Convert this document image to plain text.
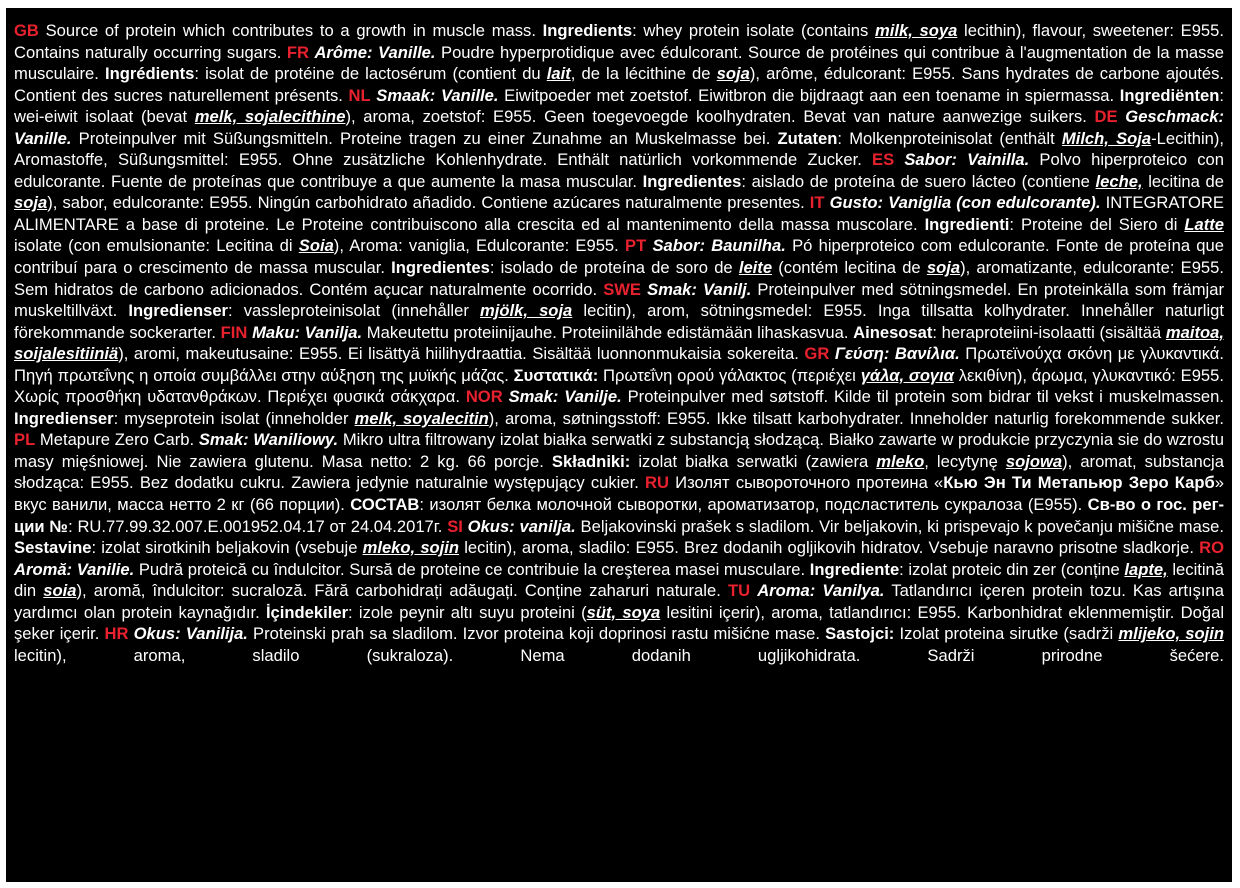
GB Source of protein which contributes to a growth in muscle mass. Ingredients: whey protein isolate (contains milk, soya lecithin), flavour, sweetener: E955. Contains naturally occurring sugars. FR Arôme: Vanille. Poudre hyperprotidique avec édulcorant. Source de protéines qui contribue à l'augmentation de la masse musculaire. Ingrédients: isolat de protéine de lactosérum (contient du lait, de la lécithine de soja), arôme, édulcorant: E955. Sans hydrates de carbone ajoutés. Contient des sucres naturellement présents. NL Smaak: Vanille. Eiwitpoeder met zoetstof. Eiwitbron die bijdraagt aan een toename in spiermassa. Ingrediënten: wei-eiwit isolaat (bevat melk, sojalecithine), aroma, zoetstof: E955. Geen toegevoegde koolhydraten. Bevat van nature aanwezige suikers. DE Geschmack: Vanille. Proteinpulver mit Süßungsmitteln. Proteine tragen zu einer Zunahme an Muskelmasse bei. Zutaten: Molkenproteinisolat (enthält Milch, Soja-Lecithin), Aromastoffe, Süßungsmittel: E955. Ohne zusätzliche Kohlenhydrate. Enthält natürlich vorkommende Zucker. ES Sabor: Vainilla. Polvo hiperproteico con edulcorante. Fuente de proteínas que contribuye a que aumente la masa muscular. Ingredientes: aislado de proteína de suero lácteo (contiene leche, lecitina de soja), sabor, edulcorante: E955. Ningún carbohidrato añadido. Contiene azúcares naturalmente presentes. IT Gusto: Vaniglia (con edulcorante). INTEGRATORE ALIMENTARE a base di proteine. Le Proteine contribuiscono alla crescita ed al mantenimento della massa muscolare. Ingredienti: Proteine del Siero di Latte isolate (con emulsionante: Lecitina di Soia), Aroma: vaniglia, Edulcorante: E955. PT Sabor: Baunilha. Pó hiperproteico com edulcorante. Fonte de proteína que contribuí para o crescimento de massa muscular. Ingredientes: isolado de proteína de soro de leite (contém lecitina de soja), aromatizante, edulcorante: E955. Sem hidratos de carbono adicionados. Contém açucar naturalmente ocorrido. SWE Smak: Vanilj. Proteinpulver med sötningsmedel. En proteinkälla som främjar muskeltillväxt. Ingredienser: vassleproteinisolat (innehåller mjölk, soja lecitin), arom, sötningsmedel: E955. Inga tillsatta kolhydrater. Innehåller naturligt förekommande sockerarter. FIN Maku: Vanilja. Makeutettu proteiinijauhe. Proteiinilähde edistämään lihaskasvua. Ainesosat: heraproteiini-isolaatti (sisältää maitoa, soijalesitiiniä), aromi, makeutusaine: E955. Ei lisättyä hiilihydraattia. Sisältää luonnonmukaisia sokereita. GR Γεύση: Βανίλια. Πρωτεϊνούχα σκόνη με γλυκαντικά. Πηγή πρωτεΐνης η οποία συμβάλλει στην αύξηση της μυϊκής μάζας. Συστατικά: Πρωτεΐνη ορού γάλακτος (περιέχει γάλα, σογια λεκιθίνη), άρωμα, γλυκαντικό: E955. Χωρίς προσθήκη υδατανθράκων. Περιέχει φυσικά σάκχαρα. NOR Smak: Vanilje. Proteinpulver med søtstoff. Kilde til protein som bidrar til vekst i muskelmassen. Ingredienser: myseprotein isolat (inneholder melk, soyalecitin), aroma, søtningsstoff: E955. Ikke tilsatt karbohydrater. Inneholder naturlig forekommende sukker. PL Metapure Zero Carb. Smak: Waniliowy. Mikro ultra filtrowany izolat białka serwatki z substancją słodzącą. Białko zawarte w produkcie przyczynia sie do wzrostu masy mięśniowej. Nie zawiera glutenu. Masa netto: 2 kg. 66 porcje. Składniki: izolat białka serwatki (zawiera mleko, lecytynę sojowa), aromat, substancja słodząca: E955. Bez dodatku cukru. Zawiera jedynie naturalnie występujący cukier. RU Изолят сывороточного протеина «Кью Эн Ти Метапьюр Зеро Карб» вкус ванили, масса нетто 2 кг (66 порции). СОСТАВ: изолят белка молочной сыворотки, ароматизатор, подсластитель сукралоза (E955). Св-во о гос. рег-ции №: RU.77.99.32.007.E.001952.04.17 от 24.04.2017г. SI Okus: vanilja. Beljakovinski prašek s sladilom. Vir beljakovin, ki prispevajo k povečanju mišične mase. Sestavine: izolat sirotkinih beljakovin (vsebuje mleko, sojin lecitin), aroma, sladilo: E955. Brez dodanih ogljikovih hidratov. Vsebuje naravno prisotne sladkorje. RO Aromă: Vanilie. Pudră proteică cu îndulcitor. Sursă de proteine ce contribuie la creşterea masei musculare. Ingrediente: izolat proteic din zer (conține lapte, lecitină din soia), aromă, îndulcitor: sucraloză. Fără carbohidrați adăugați. Conține zaharuri naturale. TU Aroma: Vanilya. Tatlandırıcı içeren protein tozu. Kas artışına yardımcı olan protein kaynağıdır. İçindekiler: izole peynir altı suyu proteini (süt, soya lesitini içerir), aroma, tatlandırıcı: E955. Karbonhidrat eklenmemiştir. Doğal şeker içerir. HR Okus: Vanilija. Proteinski prah sa sladilom. Izvor proteina koji doprinosi rastu mišićne mase. Sastojci: Izolat proteina sirutke (sadrži mlijeko, sojin lecitin), aroma, sladilo (sukraloza). Nema dodanih ugljikohidrata. Sadrži prirodne šećere.
